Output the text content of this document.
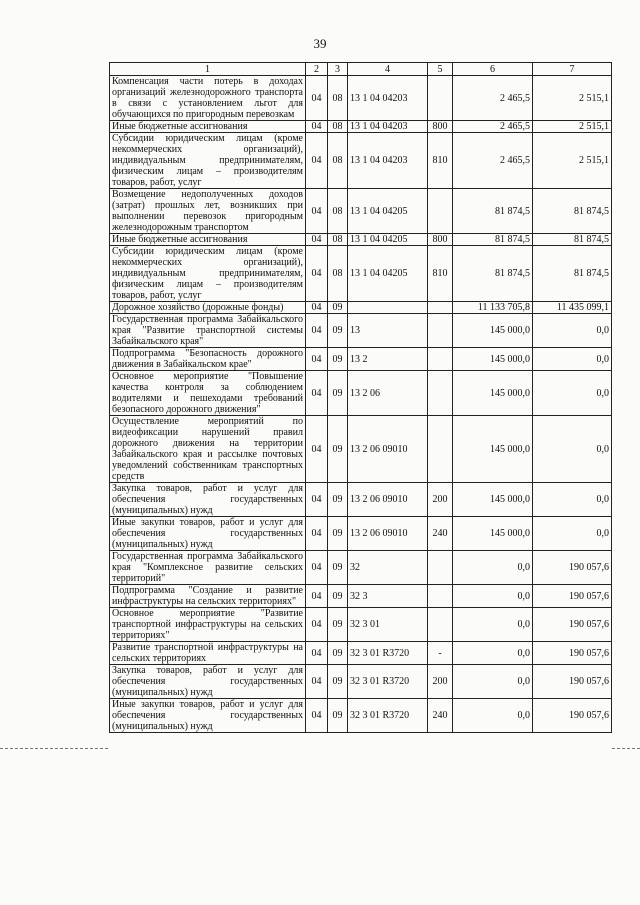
39
1	2	3	4	5	6	7
Компенсация части потерь в доходах организаций железнодорожного транспорта в связи с установлением льгот для обучающихся по пригородным перевозкам	04	08	13 1 04 04203		2 465,5	2 515,1
Иные бюджетные ассигнования	04	08	13 1 04 04203	800	2 465,5	2 515,1
Субсидии юридическим лицам (кроме некоммерческих организаций), индивидуальным предпринимателям, физическим лицам – производителям товаров, работ, услуг	04	08	13 1 04 04203	810	2 465,5	2 515,1
Возмещение недополученных доходов (затрат) прошлых лет, возникших при выполнении перевозок пригородным железнодорожным транспортом	04	08	13 1 04 04205		81 874,5	81 874,5
Иные бюджетные ассигнования	04	08	13 1 04 04205	800	81 874,5	81 874,5
Субсидии юридическим лицам (кроме некоммерческих организаций), индивидуальным предпринимателям, физическим лицам – производителям товаров, работ, услуг	04	08	13 1 04 04205	810	81 874,5	81 874,5
Дорожное хозяйство (дорожные фонды)	04	09			11 133 705,8	11 435 099,1
Государственная программа Забайкальского края "Развитие транспортной системы Забайкальского края"	04	09	13		145 000,0	0,0
Подпрограмма "Безопасность дорожного движения в Забайкальском крае"	04	09	13 2		145 000,0	0,0
Основное мероприятие "Повышение качества контроля за соблюдением водителями и пешеходами требований безопасного дорожного движения"	04	09	13 2 06		145 000,0	0,0
Осуществление мероприятий по видеофиксации нарушений правил дорожного движения на территории Забайкальского края и рассылке почтовых уведомлений собственникам транспортных средств	04	09	13 2 06 09010		145 000,0	0,0
Закупка товаров, работ и услуг для обеспечения государственных (муниципальных) нужд	04	09	13 2 06 09010	200	145 000,0	0,0
Иные закупки товаров, работ и услуг для обеспечения государственных (муниципальных) нужд	04	09	13 2 06 09010	240	145 000,0	0,0
Государственная программа Забайкальского края "Комплексное развитие сельских территорий"	04	09	32		0,0	190 057,6
Подпрограмма "Создание и развитие инфраструктуры на сельских территориях"	04	09	32 3		0,0	190 057,6
Основное мероприятие "Развитие транспортной инфраструктуры на сельских территориях"	04	09	32 3 01		0,0	190 057,6
Развитие транспортной инфраструктуры на сельских территориях	04	09	32 3 01 R3720	-	0,0	190 057,6
Закупка товаров, работ и услуг для обеспечения государственных (муниципальных) нужд	04	09	32 3 01 R3720	200	0,0	190 057,6
Иные закупки товаров, работ и услуг для обеспечения государственных (муниципальных) нужд	04	09	32 3 01 R3720	240	0,0	190 057,6
